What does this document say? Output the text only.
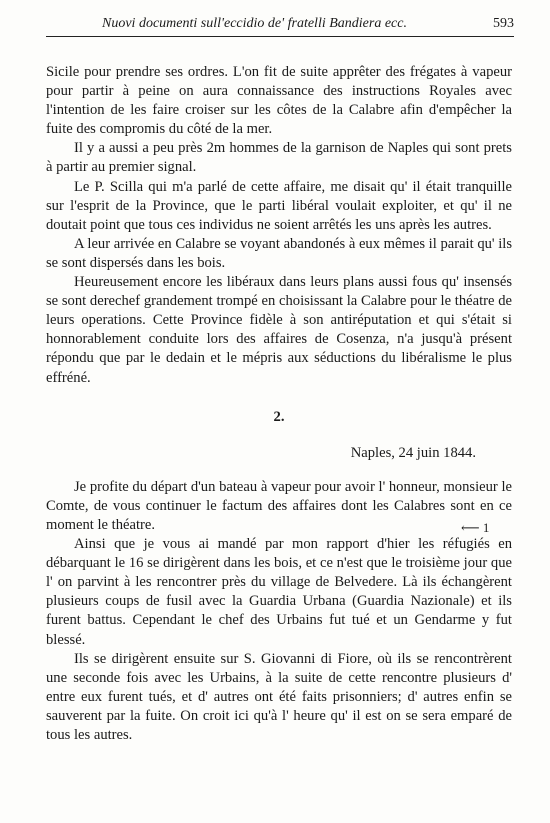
Nuovi documenti sull'eccidio de' fratelli Bandiera ecc.	593

Sicile pour prendre ses ordres. L'on fit de suite apprêter des frégates à vapeur pour partir à peine on aura connaissance des instructions Royales avec l'intention de les faire croiser sur les côtes de la Calabre afin d'empêcher la fuite des compromis du côté de la mer.

Il y a aussi a peu près 2m hommes de la garnison de Naples qui sont prets à partir au premier signal.

Le P. Scilla qui m'a parlé de cette affaire, me disait qu' il était tranquille sur l'esprit de la Province, que le parti libéral voulait exploiter, et qu' il ne doutait point que tous ces individus ne soient arrêtés les uns après les autres.

A leur arrivée en Calabre se voyant abandonés à eux mêmes il parait qu' ils se sont dispersés dans les bois.

Heureusement encore les libéraux dans leurs plans aussi fous qu' insensés se sont derechef grandement trompé en choisissant la Calabre pour le théatre de leurs operations. Cette Province fidèle à son antiréputation et qui s'était si honnorablement conduite lors des affaires de Cosenza, n'a jusqu'à présent répondu que par le dedain et le mépris aux séductions du libéralisme le plus effréné.

2.

Naples, 24 juin 1844.

Je profite du départ d'un bateau à vapeur pour avoir l' honneur, monsieur le Comte, de vous continuer le factum des affaires dont les Calabres sont en ce moment le théatre.

Ainsi que je vous ai mandé par mon rapport d'hier les réfugiés en débarquant le 16 se dirigèrent dans les bois, et ce n'est que le troisième jour que l' on parvint à les rencontrer près du village de Belvedere. Là ils échangèrent plusieurs coups de fusil avec la Guardia Urbana (Guardia Nazionale) et ils furent battus. Cependant le chef des Urbains fut tué et un Gendarme y fut blessé.

Ils se dirigèrent ensuite sur S. Giovanni di Fiore, où ils se rencontrèrent une seconde fois avec les Urbains, à la suite de cette rencontre plusieurs d' entre eux furent tués, et d' autres ont été faits prisonniers; d' autres enfin se sauverent par la fuite. On croit ici qu'à l' heure qu' il est on se sera emparé de tous les autres.

⟵ 1
